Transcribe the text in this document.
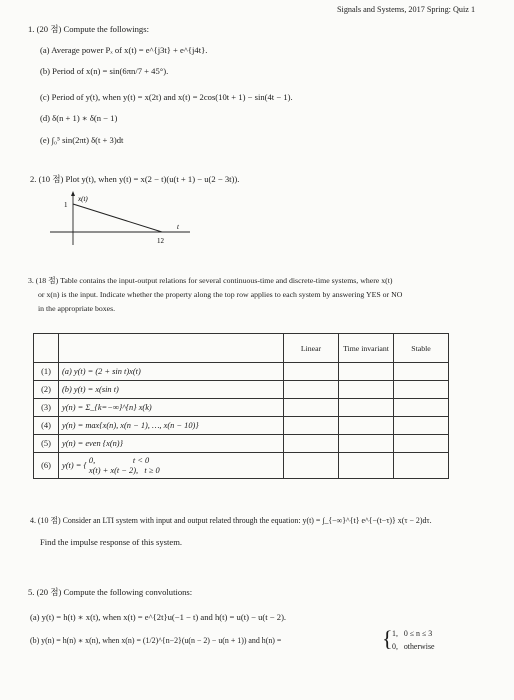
Signals and Systems, 2017 Spring: Quiz 1
1. (20 점) Compute the followings:
(a) Average power Pₓ of x(t) = e^{j3t} + e^{j4t}.
(b) Period of x(n) = sin(6πn/7 + 45°).
(c) Period of y(t), when y(t) = x(2t) and x(t) = 2cos(10t + 1) − sin(4t − 1).
(d) δ(n + 1) ∗ δ(n − 1)
(e) ∫₀⁵ sin(2πt) δ(t + 3)dt
2. (10 점) Plot y(t), when y(t) = x(2 − t)(u(t + 1) − u(2 − 3t)).
x(t)
1
t
12
3. (18 점) Table contains the input-output relations for several continuous-time and discrete-time systems, where x(t)
or x(n) is the input. Indicate whether the property along the top row applies to each system by answering YES or NO
in the appropriate boxes.
		Linear	Time invariant	Stable
(1)	(a) y(t) = (2 + sin t)x(t)			
(2)	(b) y(t) = x(sin t)			
(3)	y(n) = Σ_{k=−∞}^{n} x(k)			
(4)	y(n) = max{x(n), x(n − 1), …, x(n − 10)}			
(5)	y(n) = even {x(n)}			
(6)	y(t) = {
0,                  t < 0
x(t) + x(t − 2),   t ≥ 0			

4. (10 점) Consider an LTI system with input and output related through the equation: y(t) = ∫_{−∞}^{t} e^{−(t−τ)} x(τ − 2)dτ.
Find the impulse response of this system.
5. (20 점) Compute the following convolutions:
(a) y(t) = h(t) ∗ x(t), when x(t) = e^{2t}u(−1 − t) and h(t) = u(t) − u(t − 2).
(b) y(n) = h(n) ∗ x(n), when x(n) = (1/2)^{n−2}(u(n − 2) − u(n + 1)) and h(n) =	{ 1,   0 ≤ n ≤ 3
0,   otherwise
